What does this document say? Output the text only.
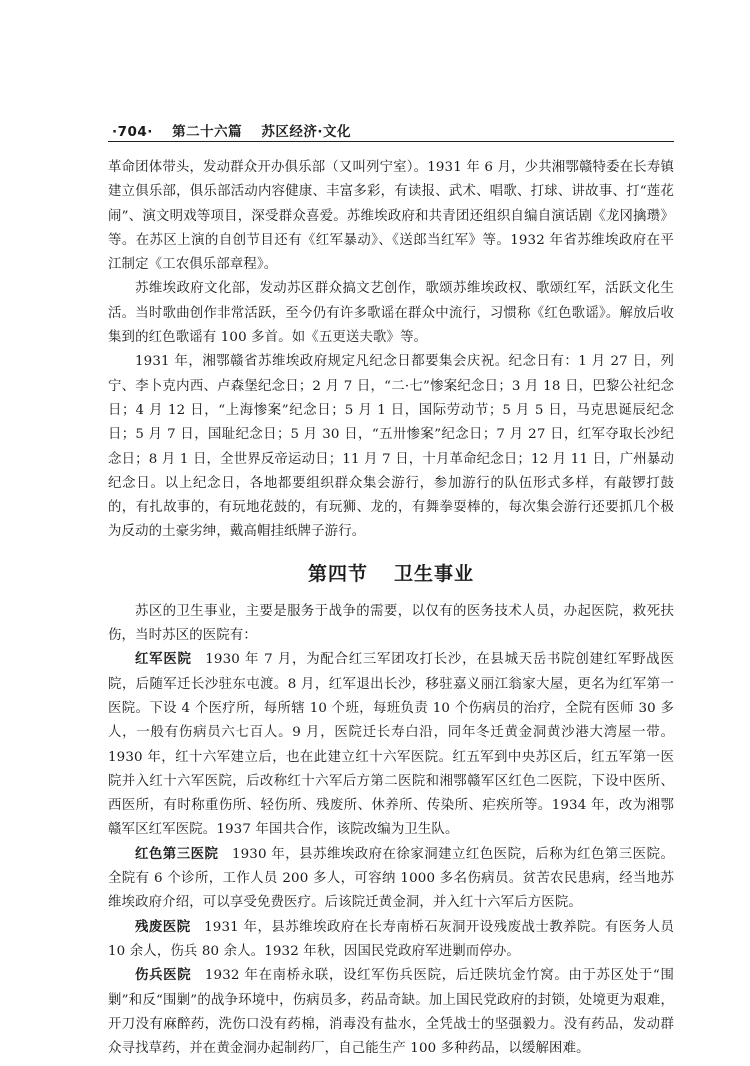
·704· 第二十六篇 苏区经济·文化

革命团体带头，发动群众开办俱乐部（又叫列宁室）。1931 年 6 月，少共湘鄂赣特委在长寿镇建立俱乐部，俱乐部活动内容健康、丰富多彩，有读报、武术、唱歌、打球、讲故事、打“莲花闹”、演文明戏等项目，深受群众喜爱。苏维埃政府和共青团还组织自编自演话剧《龙冈擒瓒》等。在苏区上演的自创节目还有《红军暴动》、《送郎当红军》等。1932 年省苏维埃政府在平江制定《工农俱乐部章程》。

苏维埃政府文化部，发动苏区群众搞文艺创作，歌颂苏维埃政权、歌颂红军，活跃文化生活。当时歌曲创作非常活跃，至今仍有许多歌谣在群众中流行，习惯称《红色歌谣》。解放后收集到的红色歌谣有 100 多首。如《五更送夫歌》等。

1931 年，湘鄂赣省苏维埃政府规定凡纪念日都要集会庆祝。纪念日有：1 月 27 日，列宁、李卜克内西、卢森堡纪念日；2 月 7 日，“二·七”惨案纪念日；3 月 18 日，巴黎公社纪念日；4 月 12 日，“上海惨案”纪念日；5 月 1 日，国际劳动节；5 月 5 日，马克思诞辰纪念日；5 月 7 日，国耻纪念日；5 月 30 日，“五卅惨案”纪念日；7 月 27 日，红军夺取长沙纪念日；8 月 1 日，全世界反帝运动日；11 月 7 日，十月革命纪念日；12 月 11 日，广州暴动纪念日。以上纪念日，各地都要组织群众集会游行，参加游行的队伍形式多样，有敲锣打鼓的，有扎故事的，有玩地花鼓的，有玩狮、龙的，有舞拳耍棒的，每次集会游行还要抓几个极为反动的土豪劣绅，戴高帽挂纸牌子游行。

第四节 卫生事业

苏区的卫生事业，主要是服务于战争的需要，以仅有的医务技术人员，办起医院，救死扶伤，当时苏区的医院有：

红军医院  1930 年 7 月，为配合红三军团攻打长沙，在县城天岳书院创建红军野战医院，后随军迁长沙驻东屯渡。8 月，红军退出长沙，移驻嘉义丽江翁家大屋，更名为红军第一医院。下设 4 个医疗所，每所辖 10 个班，每班负责 10 个伤病员的治疗，全院有医师 30 多人，一般有伤病员六七百人。9 月，医院迁长寿白沿，同年冬迁黄金洞黄沙港大湾屋一带。1930 年，红十六军建立后，也在此建立红十六军医院。红五军到中央苏区后，红五军第一医院并入红十六军医院，后改称红十六军后方第二医院和湘鄂赣军区红色二医院，下设中医所、西医所，有时称重伤所、轻伤所、残废所、休养所、传染所、疟疾所等。1934 年，改为湘鄂赣军区红军医院。1937 年国共合作，该院改编为卫生队。

红色第三医院  1930 年，县苏维埃政府在徐家洞建立红色医院，后称为红色第三医院。全院有 6 个诊所，工作人员 200 多人，可容纳 1000 多名伤病员。贫苦农民患病，经当地苏维埃政府介绍，可以享受免费医疗。后该院迁黄金洞，并入红十六军后方医院。

残废医院  1931 年，县苏维埃政府在长寿南桥石灰洞开设残废战士教养院。有医务人员 10 余人，伤兵 80 余人。1932 年秋，因国民党政府军进剿而停办。

伤兵医院  1932 年在南桥永联，设红军伤兵医院，后迁陕坑金竹窝。由于苏区处于“围剿”和反“围剿”的战争环境中，伤病员多，药品奇缺。加上国民党政府的封锁，处境更为艰难，开刀没有麻醉药，洗伤口没有药棉，消毒没有盐水，全凭战士的坚强毅力。没有药品，发动群众寻找草药，并在黄金洞办起制药厂，自己能生产 100 多种药品，以缓解困难。
